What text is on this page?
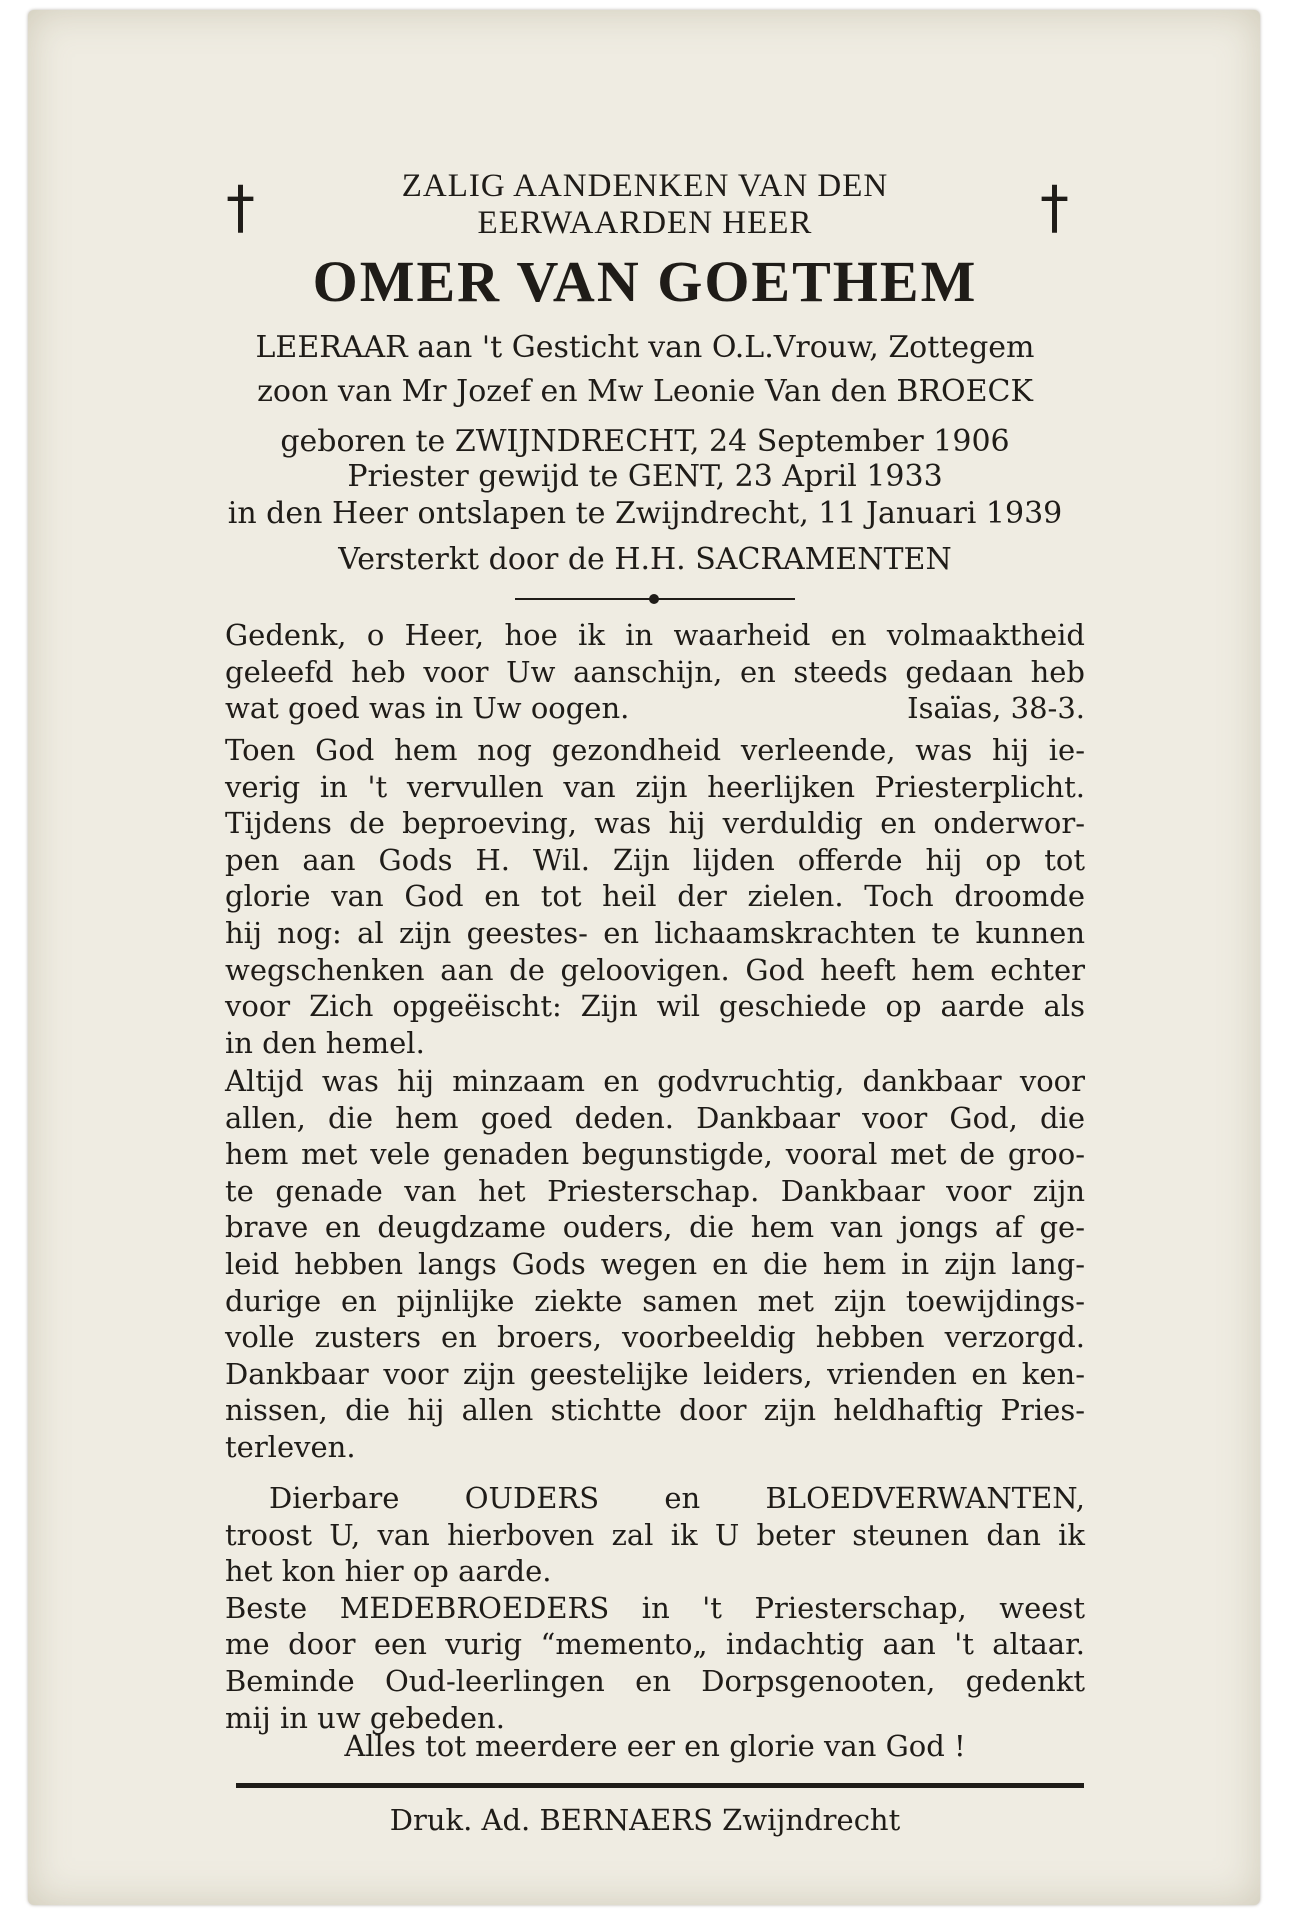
†	†
ZALIG AANDENKEN VAN DEN
EERWAARDEN HEER
OMER VAN GOETHEM
LEERAAR aan 't Gesticht van O.L.Vrouw, Zottegem
zoon van Mr Jozef en Mw Leonie Van den BROECK
geboren te ZWIJNDRECHT, 24 September 1906
Priester gewijd te GENT, 23 April 1933
in den Heer ontslapen te Zwijndrecht, 11 Januari 1939
Versterkt door de H.H. SACRAMENTEN
Gedenk, o Heer, hoe ik in waarheid en volmaaktheid
geleefd heb voor Uw aanschijn, en steeds gedaan heb
wat goed was in Uw oogen.	Isaïas, 38-3.
Toen God hem nog gezondheid verleende, was hij ie-
verig in 't vervullen van zijn heerlijken Priesterplicht.
Tijdens de beproeving, was hij verduldig en onderwor-
pen aan Gods H. Wil. Zijn lijden offerde hij op tot
glorie van God en tot heil der zielen. Toch droomde
hij nog: al zijn geestes- en lichaamskrachten te kunnen
wegschenken aan de geloovigen. God heeft hem echter
voor Zich opgeëischt: Zijn wil geschiede op aarde als
in den hemel.
Altijd was hij minzaam en godvruchtig, dankbaar voor
allen, die hem goed deden. Dankbaar voor God, die
hem met vele genaden begunstigde, vooral met de groo-
te genade van het Priesterschap. Dankbaar voor zijn
brave en deugdzame ouders, die hem van jongs af ge-
leid hebben langs Gods wegen en die hem in zijn lang-
durige en pijnlijke ziekte samen met zijn toewijdings-
volle zusters en broers, voorbeeldig hebben verzorgd.
Dankbaar voor zijn geestelijke leiders, vrienden en ken-
nissen, die hij allen stichtte door zijn heldhaftig Pries-
terleven.
Dierbare OUDERS en BLOEDVERWANTEN,
troost U, van hierboven zal ik U beter steunen dan ik
het kon hier op aarde.
Beste MEDEBROEDERS in 't Priesterschap, weest
me door een vurig “memento„ indachtig aan 't altaar.
Beminde Oud-leerlingen en Dorpsgenooten, gedenkt
mij in uw gebeden.
Alles tot meerdere eer en glorie van God !
Druk. Ad. BERNAERS Zwijndrecht
